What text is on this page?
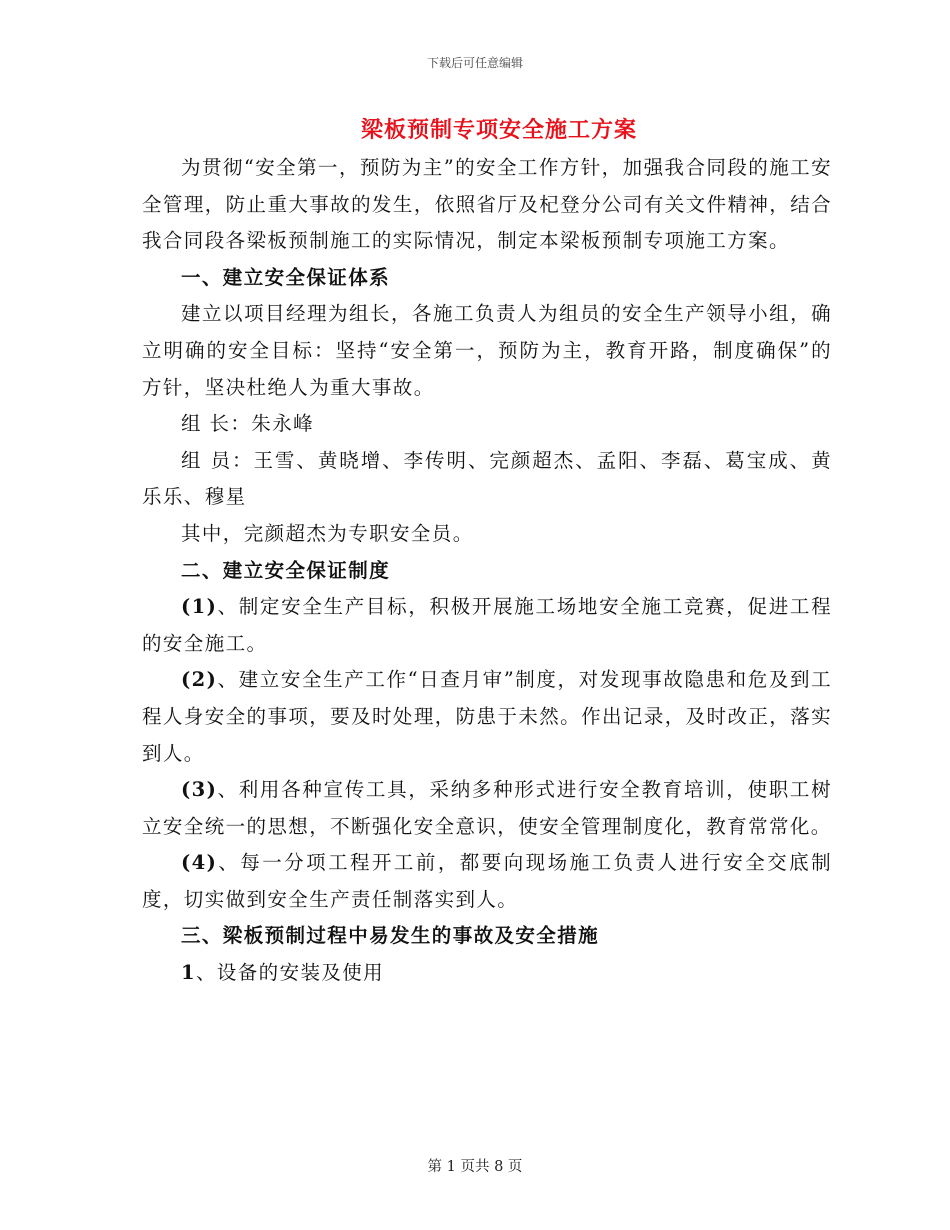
下载后可任意编辑
梁板预制专项安全施工方案

为贯彻“安全第一，预防为主”的安全工作方针，加强我合同段的施工安全管理，防止重大事故的发生，依照省厅及杞登分公司有关文件精神，结合我合同段各梁板预制施工的实际情况，制定本梁板预制专项施工方案。

一、建立安全保证体系

建立以项目经理为组长，各施工负责人为组员的安全生产领导小组，确立明确的安全目标：坚持“安全第一，预防为主，教育开路，制度确保”的方针，坚决杜绝人为重大事故。

组 长：朱永峰

组 员：王雪、黄晓增、李传明、完颜超杰、孟阳、李磊、葛宝成、黄乐乐、穆星

其中，完颜超杰为专职安全员。

二、建立安全保证制度

(1)、制定安全生产目标，积极开展施工场地安全施工竞赛，促进工程的安全施工。

(2)、建立安全生产工作“日查月审”制度，对发现事故隐患和危及到工程人身安全的事项，要及时处理，防患于未然。作出记录，及时改正，落实到人。

(3)、利用各种宣传工具，采纳多种形式进行安全教育培训，使职工树立安全统一的思想，不断强化安全意识，使安全管理制度化，教育常常化。

(4)、每一分项工程开工前，都要向现场施工负责人进行安全交底制度，切实做到安全生产责任制落实到人。

三、梁板预制过程中易发生的事故及安全措施

1、设备的安装及使用

第 1 页共 8 页
